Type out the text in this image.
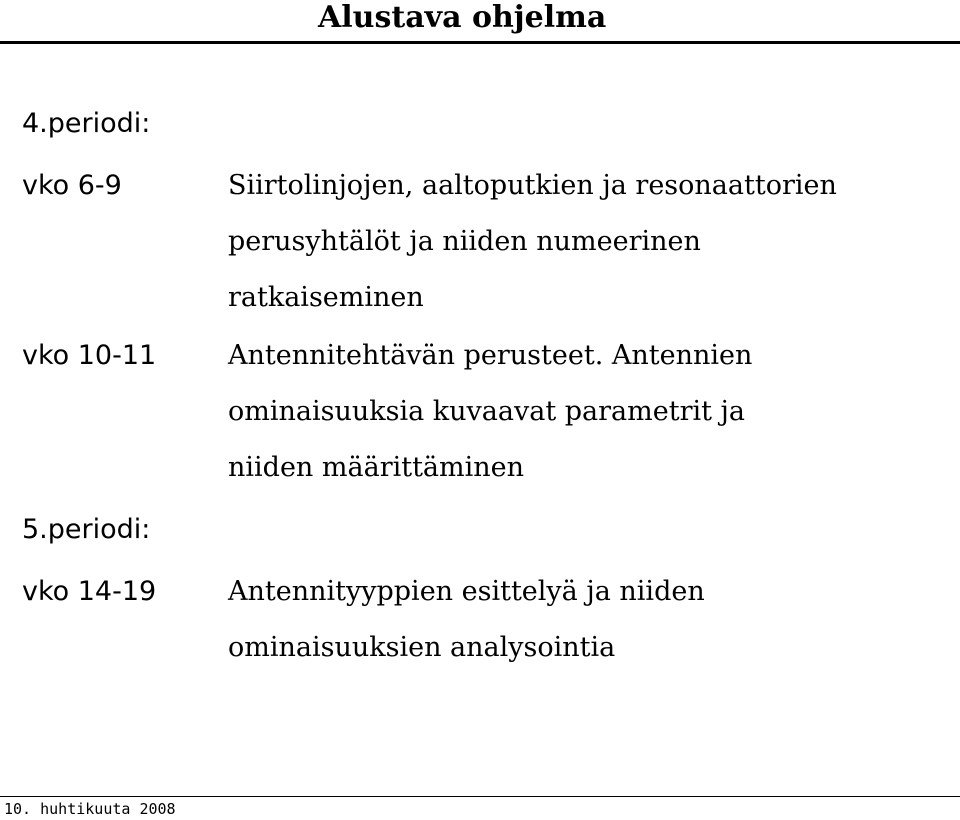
Alustava ohjelma
4.periodi:
vko 6-9	Siirtolinjojen, aaltoputkien ja resonaattorien
perusyhtälöt ja niiden numeerinen
ratkaiseminen
vko 10-11	Antennitehtävän perusteet. Antennien
ominaisuuksia kuvaavat parametrit ja
niiden määrittäminen
5.periodi:
vko 14-19	Antennityyppien esittelyä ja niiden
ominaisuuksien analysointia
10. huhtikuuta 2008
